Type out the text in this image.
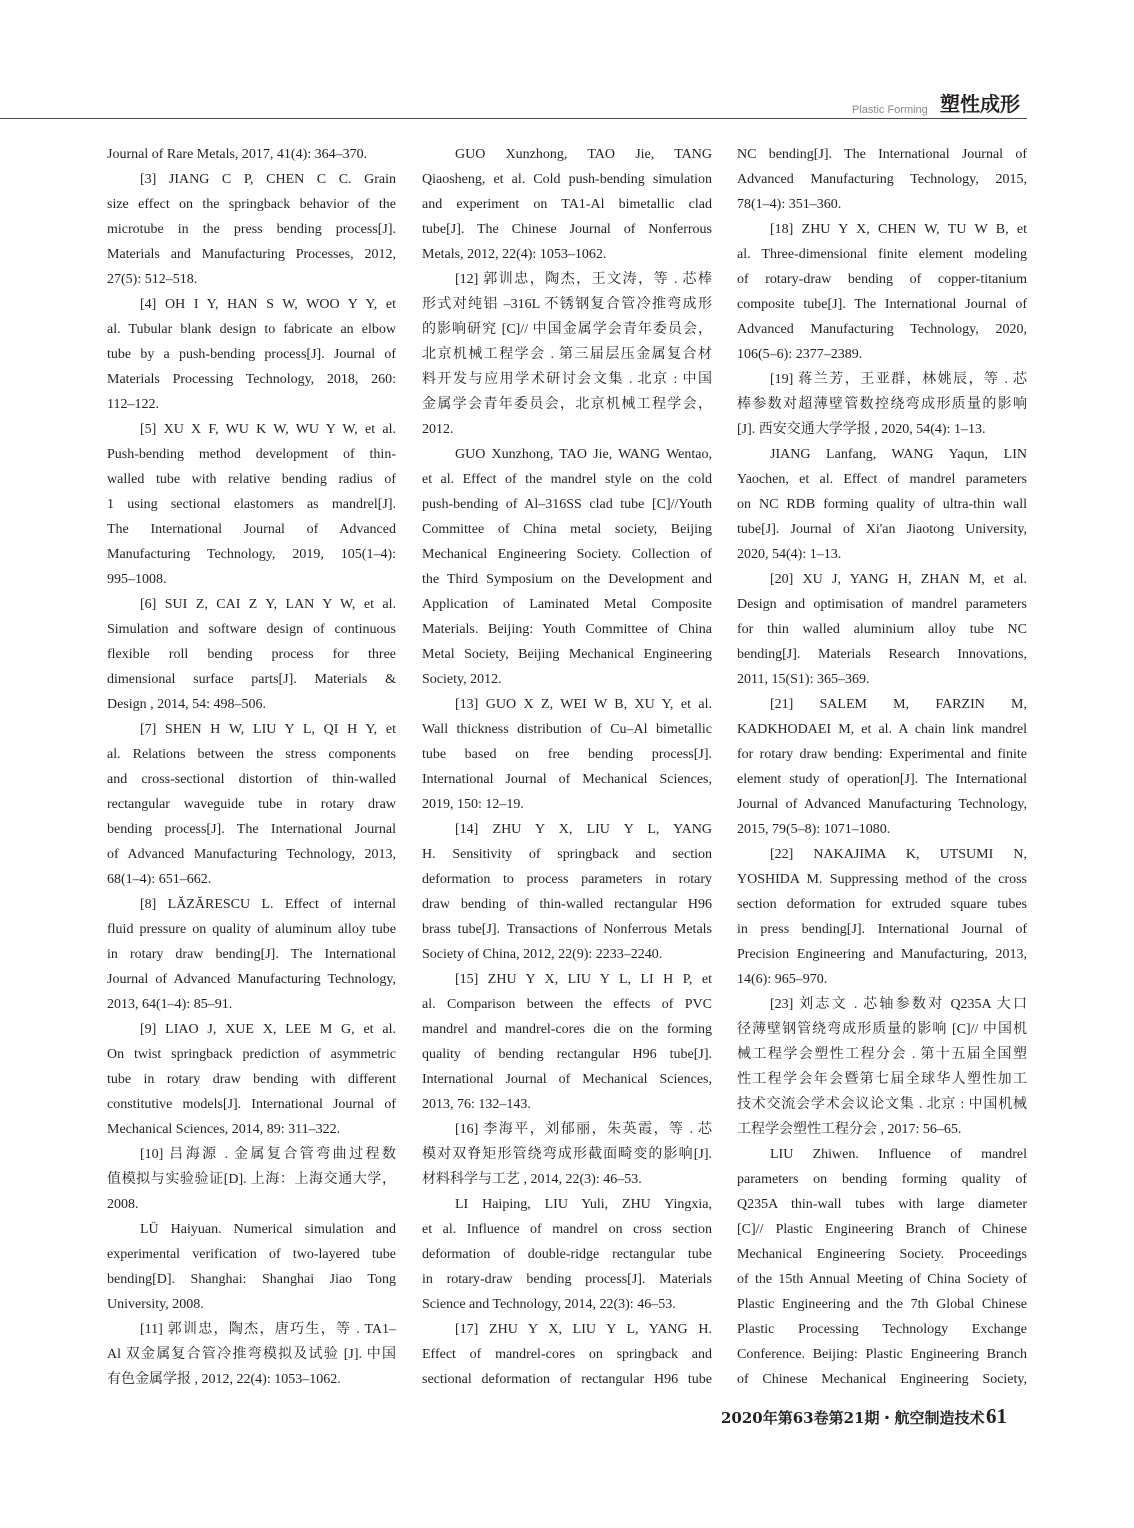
Plastic Forming 塑性成形
Journal of Rare Metals, 2017, 41(4): 364–370.
[3] JIANG C P, CHEN C C. Grain
size effect on the springback behavior of the
microtube in the press bending process[J].
Materials and Manufacturing Processes, 2012,
27(5): 512–518.
[4] OH I Y, HAN S W, WOO Y Y, et
al. Tubular blank design to fabricate an elbow
tube by a push-bending process[J]. Journal of
Materials Processing Technology, 2018, 260:
112–122.
[5] XU X F, WU K W, WU Y W, et al.
Push-bending method development of thin-
walled tube with relative bending radius of
1 using sectional elastomers as mandrel[J].
The International Journal of Advanced
Manufacturing Technology, 2019, 105(1–4):
995–1008.
[6] SUI Z, CAI Z Y, LAN Y W, et al.
Simulation and software design of continuous
flexible roll bending process for three
dimensional surface parts[J]. Materials &
Design , 2014, 54: 498–506.
[7] SHEN H W, LIU Y L, QI H Y, et
al. Relations between the stress components
and cross-sectional distortion of thin-walled
rectangular waveguide tube in rotary draw
bending process[J]. The International Journal
of Advanced Manufacturing Technology, 2013,
68(1–4): 651–662.
[8] LĂZĂRESCU L. Effect of internal
fluid pressure on quality of aluminum alloy tube
in rotary draw bending[J]. The International
Journal of Advanced Manufacturing Technology,
2013, 64(1–4): 85–91.
[9] LIAO J, XUE X, LEE M G, et al.
On twist springback prediction of asymmetric
tube in rotary draw bending with different
constitutive models[J]. International Journal of
Mechanical Sciences, 2014, 89: 311–322.
[10] 吕海源 . 金属复合管弯曲过程数
值模拟与实验验证[D]. 上海：上海交通大学，
2008.
LÜ Haiyuan. Numerical simulation and
experimental verification of two-layered tube
bending[D]. Shanghai: Shanghai Jiao Tong
University, 2008.
[11] 郭训忠，陶杰，唐巧生，等 . TA1–
Al 双金属复合管冷推弯模拟及试验 [J]. 中国
有色金属学报 , 2012, 22(4): 1053–1062.
GUO Xunzhong, TAO Jie, TANG
Qiaosheng, et al. Cold push-bending simulation
and experiment on TA1-Al bimetallic clad
tube[J]. The Chinese Journal of Nonferrous
Metals, 2012, 22(4): 1053–1062.
[12] 郭训忠，陶杰，王文涛，等 . 芯棒
形式对纯铝 –316L 不锈钢复合管冷推弯成形
的影响研究 [C]// 中国金属学会青年委员会，
北京机械工程学会 . 第三届层压金属复合材
料开发与应用学术研讨会文集 . 北京 : 中国
金属学会青年委员会，北京机械工程学会，
2012.
GUO Xunzhong, TAO Jie, WANG Wentao,
et al. Effect of the mandrel style on the cold
push-bending of Al–316SS clad tube [C]//Youth
Committee of China metal society, Beijing
Mechanical Engineering Society. Collection of
the Third Symposium on the Development and
Application of Laminated Metal Composite
Materials. Beijing: Youth Committee of China
Metal Society, Beijing Mechanical Engineering
Society, 2012.
[13] GUO X Z, WEI W B, XU Y, et al.
Wall thickness distribution of Cu–Al bimetallic
tube based on free bending process[J].
International Journal of Mechanical Sciences,
2019, 150: 12–19.
[14] ZHU Y X, LIU Y L, YANG
H. Sensitivity of springback and section
deformation to process parameters in rotary
draw bending of thin-walled rectangular H96
brass tube[J]. Transactions of Nonferrous Metals
Society of China, 2012, 22(9): 2233–2240.
[15] ZHU Y X, LIU Y L, LI H P, et
al. Comparison between the effects of PVC
mandrel and mandrel-cores die on the forming
quality of bending rectangular H96 tube[J].
International Journal of Mechanical Sciences,
2013, 76: 132–143.
[16] 李海平，刘郁丽，朱英霞，等 . 芯
模对双脊矩形管绕弯成形截面畸变的影响[J].
材料科学与工艺 , 2014, 22(3): 46–53.
LI Haiping, LIU Yuli, ZHU Yingxia,
et al. Influence of mandrel on cross section
deformation of double-ridge rectangular tube
in rotary-draw bending process[J]. Materials
Science and Technology, 2014, 22(3): 46–53.
[17] ZHU Y X, LIU Y L, YANG H.
Effect of mandrel-cores on springback and
sectional deformation of rectangular H96 tube
NC bending[J]. The International Journal of
Advanced Manufacturing Technology, 2015,
78(1–4): 351–360.
[18] ZHU Y X, CHEN W, TU W B, et
al. Three-dimensional finite element modeling
of rotary-draw bending of copper-titanium
composite tube[J]. The International Journal of
Advanced Manufacturing Technology, 2020,
106(5–6): 2377–2389.
[19] 蒋兰芳，王亚群，林姚辰，等 . 芯
棒参数对超薄壁管数控绕弯成形质量的影响
[J]. 西安交通大学学报 , 2020, 54(4): 1–13.
JIANG Lanfang, WANG Yaqun, LIN
Yaochen, et al. Effect of mandrel parameters
on NC RDB forming quality of ultra-thin wall
tube[J]. Journal of Xi'an Jiaotong University,
2020, 54(4): 1–13.
[20] XU J, YANG H, ZHAN M, et al.
Design and optimisation of mandrel parameters
for thin walled aluminium alloy tube NC
bending[J]. Materials Research Innovations,
2011, 15(S1): 365–369.
[21] SALEM M, FARZIN M,
KADKHODAEI M, et al. A chain link mandrel
for rotary draw bending: Experimental and finite
element study of operation[J]. The International
Journal of Advanced Manufacturing Technology,
2015, 79(5–8): 1071–1080.
[22] NAKAJIMA K, UTSUMI N,
YOSHIDA M. Suppressing method of the cross
section deformation for extruded square tubes
in press bending[J]. International Journal of
Precision Engineering and Manufacturing, 2013,
14(6): 965–970.
[23] 刘志文 . 芯轴参数对 Q235A 大口
径薄壁钢管绕弯成形质量的影响 [C]// 中国机
械工程学会塑性工程分会 . 第十五届全国塑
性工程学会年会暨第七届全球华人塑性加工
技术交流会学术会议论文集 . 北京 : 中国机械
工程学会塑性工程分会 , 2017: 56–65.
LIU Zhiwen. Influence of mandrel
parameters on bending forming quality of
Q235A thin-wall tubes with large diameter
[C]// Plastic Engineering Branch of Chinese
Mechanical Engineering Society. Proceedings
of the 15th Annual Meeting of China Society of
Plastic Engineering and the 7th Global Chinese
Plastic Processing Technology Exchange
Conference. Beijing: Plastic Engineering Branch
of Chinese Mechanical Engineering Society,
2020年第63卷第21期・航空制造技术 61
